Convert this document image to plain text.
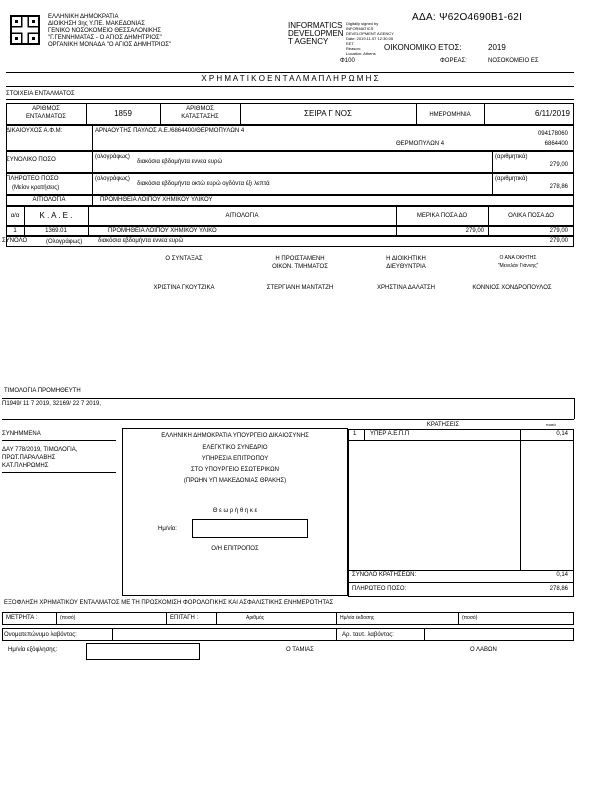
ΕΛΛΗΝΙΚΗ ΔΗΜΟΚΡΑΤΙΑ
ΔΙΟΙΚΗΣΗ 3ης Υ.ΠΕ. ΜΑΚΕΔΟΝΙΑΣ
ΓΕΝΙΚΟ ΝΟΣΟΚΟΜΕΙΟ ΘΕΣΣΑΛΟΝΙΚΗΣ
"Γ.ΓΕΝΝΗΜΑΤΑΣ - Ο ΑΓΙΟΣ ΔΗΜΗΤΡΙΟΣ"
ΟΡΓΑΝΙΚΗ ΜΟΝΑΔΑ "Ο ΑΓΙΟΣ ΔΗΜΗΤΡΙΟΣ"
INFORMATICS
DEVELOPMEN
T AGENCY
Digitally signed by
INFORMATICS
DEVELOPMENT AGENCY
Date: 2019.11.07 12:30:05
EET
Reason:
Location: Athens
ΑΔΑ: Ψ62Ο4690Β1-62Ι
ΟΙΚΟΝΟΜΙΚΟ ΕΤΟΣ:	2019
Φ100	ΦΟΡΕΑΣ:	ΝΟΣΟΚΟΜΕΙΟ ΕΣ
Χ Ρ Η Μ Α Τ Ι Κ Ο Ε Ν Τ Α Λ Μ Α Π Λ Η Ρ Ω Μ Η Σ
ΣΤΟΙΧΕΙΑ ΕΝΤΑΛΜΑΤΟΣ
ΑΡΙΘΜΟΣ
ΕΝΤΑΛΜΑΤΟΣ	1859	ΑΡΙΘΜΟΣ
ΚΑΤΑΣΤΑΣΗΣ	ΣΕΙΡΑ Γ ΝΟΣ	ΗΜΕΡΟΜΗΝΙΑ	6/11/2019
ΔΙΚΑΙΟΥΧΟΣ Α.Φ.Μ:	ΑΡΝΑΟΥΤΗΣ ΠΑΥΛΟΣ Α.Ε./6864400/ΘΕΡΜΟΠΥΛΩΝ 4	094178060
ΘΕΡΜΟΠΥΛΩΝ 4	6864400
ΣΥΝΟΛΙΚΟ ΠΟΣΟ	(ολογράφως)
διακόσια εβδομήντα εννεα ευρώ
(αριθμητικά)
279,00
ΠΛΗΡΩΤΕΟ ΠΟΣΟ
(Μείον κρατήσεις)
(ολογράφως)
διακόσια εβδομήντα οκτώ ευρώ ογδόντα έξι λεπτά
(αριθμητικά)
278,86
ΑΙΤΙΟΛΟΓΙΑ	ΠΡΟΜΗΘΕΙΑ ΛΟΙΠΟΥ ΧΗΜΙΚΟΥ ΥΛΙΚΟΥ
α/α	Κ . Α . Ε .	ΑΙΤΙΟΛΟΓΙΑ	ΜΕΡΙΚΑ ΠΟΣΑ ΔΟ	ΟΛΙΚΑ ΠΟΣΑ ΔΟ
1	1369.01	ΠΡΟΜΗΘΕΙΑ ΛΟΙΠΟΥ ΧΗΜΙΚΟΥ ΥΛΙΚΟ	279,00	279,00
ΣΥΝΟΛΟ	(Ολογράφως)	διακόσια εβδομήντα εννεα ευρώ	279,00
Ο ΣΥΝΤΑΞΑΣ	Η ΠΡΟΙΣΤΑΜΕΝΗ
ΟΙΚΟΝ. ΤΜΗΜΑΤΟΣ
Η ΔΙΟΙΚΗΤΙΚΗ
ΔΙΕΥΘΥΝΤΡΙΑ
Ο ΑΝΑ ΟΚΗΤΗΣ
"Μενελάν Γιάννης"
ΧΡΙΣΤΙΝΑ ΓΚΟΥΤΖΙΚΑ	ΣΤΕΡΓΙΑΝΗ ΜΑΝΤΑΤΖΗ	ΧΡΗΣΤΙΝΑ ΔΑΛΑΤΣΗ	ΚΟΝΝΙΟΣ ΧΟΝΔΡΟΠΟΥΛΟΣ
ΤΙΜΟΛΟΓΙΑ ΠΡΟΜΗΘΕΥΤΗ
Π1949/ 11 7 2019, 32169/ 22 7 2019,
ΣΥΝΗΜΜΕΝΑ
ΔΑΥ 778/2019, ΤΙΜΟΛΟΓΙΑ,
ΠΡΩΤ.ΠΑΡΑΛΑΒΗΣ
ΚΑΤ.ΠΛΗΡΩΜΗΣ
ΕΛΛΗΝΙΚΗ ΔΗΜΟΚΡΑΤΙΑ ΥΠΟΥΡΓΕΙΟ ΔΙΚΑΙΟΣΥΝΗΣ
ΕΛΕΓΚΤΙΚΟ ΣΥΝΕΔΡΙΟ
ΥΠΗΡΕΣΙΑ ΕΠΙΤΡΟΠΟΥ
ΣΤΟ ΥΠΟΥΡΓΕΙΟ ΕΣΩΤΕΡΙΚΩΝ
(ΠΡΩΗΝ ΥΠ ΜΑΚΕΔΟΝΙΑΣ ΘΡΑΚΗΣ)
Θ ε ω ρ ή θ η κ ε
Ημ/νία:
Ο/Η ΕΠΙΤΡΟΠΟΣ
ΚΡΑΤΗΣΕΙΣ	ποσά
1 ΥΠΕΡ Α.Ε.Π.Π	0,14
ΣΥΝΟΛΟ ΚΡΑΤΗΣΕΩΝ:	0,14
ΠΛΗΡΩΤΕΟ ΠΟΣΟ:	278,86
ΕΞΟΦΛΗΣΗ ΧΡΗΜΑΤΙΚΟΥ ΕΝΤΑΛΜΑΤΟΣ ΜΕ ΤΗ ΠΡΟΣΚΟΜΙΣΗ ΦΟΡΟΛΟΓΙΚΗΣ ΚΑΙ ΑΣΦΑΛΙΣΤΙΚΗΣ ΕΝΗΜΕΡΟΤΗΤΑΣ
ΜΕΤΡΗΤΑ :	(ποσό)	ΕΠΙΤΑΓΗ :	Αριθμός	Ημ/νία έκδοσης	(ποσό)
Ονοματεπώνυμο λαβόντος:	Αρ. ταυτ. λαβόντος:
Ημ/νία εξόφλησης:	Ο ΤΑΜΙΑΣ	Ο ΛΑΒΩΝ
